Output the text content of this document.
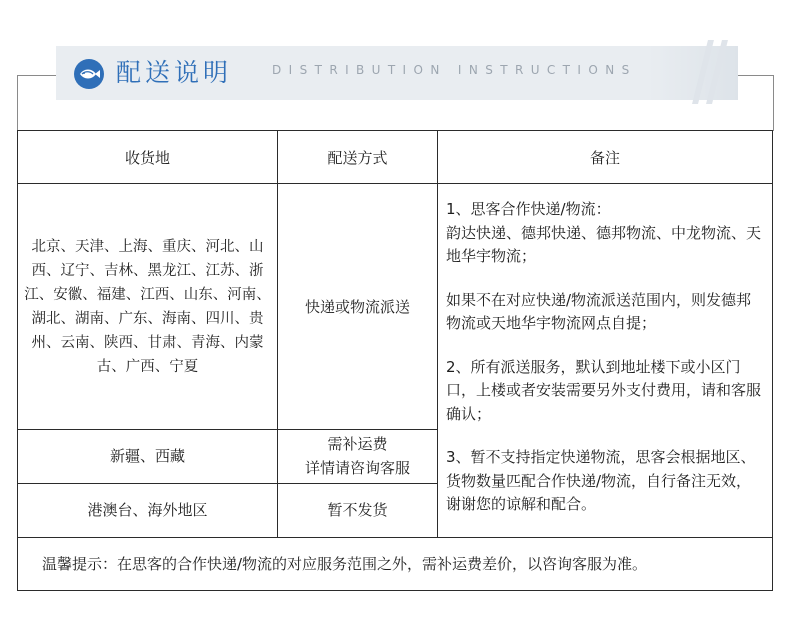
配送说明	DISTRIBUTION INSTRUCTIONS
收货地	配送方式	备注

北京、天津、上海、重庆、河北、山西、辽宁、吉林、黑龙江、江苏、浙江、安徽、福建、江西、山东、河南、湖北、湖南、广东、海南、四川、贵州、云南、陕西、甘肃、青海、内蒙古、广西、宁夏	快递或物流派送	1、思客合作快递/物流：
韵达快递、德邦快递、德邦物流、中龙物流、天地华宇物流；

如果不在对应快递/物流派送范围内，则发德邦物流或天地华宇物流网点自提；

2、所有派送服务，默认到地址楼下或小区门口，上楼或者安装需要另外支付费用，请和客服确认；

3、暂不支持指定快递物流，思客会根据地区、货物数量匹配合作快递/物流，自行备注无效，谢谢您的谅解和配合。

新疆、西藏	需补运费
详情请咨询客服	

港澳台、海外地区	暂不发货	
温馨提示：在思客的合作快递/物流的对应服务范围之外，需补运费差价，以咨询客服为准。		
